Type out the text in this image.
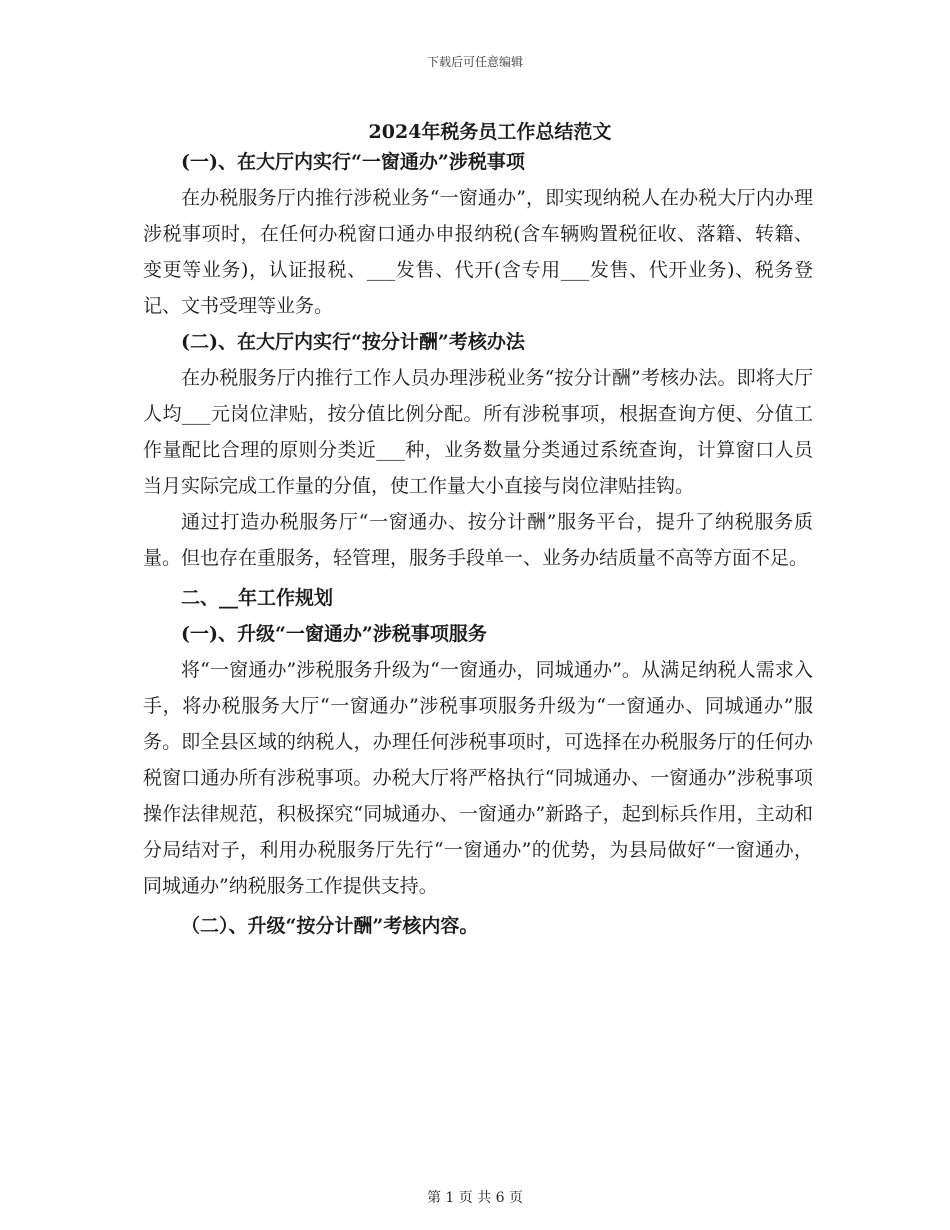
下载后可任意编辑
2024年税务员工作总结范文
(一)、在大厅内实行“一窗通办”涉税事项
在办税服务厅内推行涉税业务“一窗通办”，即实现纳税人在办税大厅内办理涉税事项时，在任何办税窗口通办申报纳税(含车辆购置税征收、落籍、转籍、变更等业务)，认证报税、___发售、代开(含专用___发售、代开业务)、税务登记、文书受理等业务。
(二)、在大厅内实行“按分计酬”考核办法
在办税服务厅内推行工作人员办理涉税业务“按分计酬”考核办法。即将大厅人均___元岗位津贴，按分值比例分配。所有涉税事项，根据查询方便、分值工作量配比合理的原则分类近___种，业务数量分类通过系统查询，计算窗口人员当月实际完成工作量的分值，使工作量大小直接与岗位津贴挂钩。
通过打造办税服务厅“一窗通办、按分计酬”服务平台，提升了纳税服务质量。但也存在重服务，轻管理，服务手段单一、业务办结质量不高等方面不足。
二、__年工作规划
(一)、升级“一窗通办”涉税事项服务
将“一窗通办”涉税服务升级为“一窗通办，同城通办”。从满足纳税人需求入手，将办税服务大厅“一窗通办”涉税事项服务升级为“一窗通办、同城通办”服务。即全县区域的纳税人，办理任何涉税事项时，可选择在办税服务厅的任何办税窗口通办所有涉税事项。办税大厅将严格执行“同城通办、一窗通办”涉税事项操作法律规范，积极探究“同城通办、一窗通办”新路子，起到标兵作用，主动和分局结对子，利用办税服务厅先行“一窗通办”的优势，为县局做好“一窗通办，同城通办”纳税服务工作提供支持。
（二）、升级“按分计酬”考核内容。
第 1 页 共 6 页
